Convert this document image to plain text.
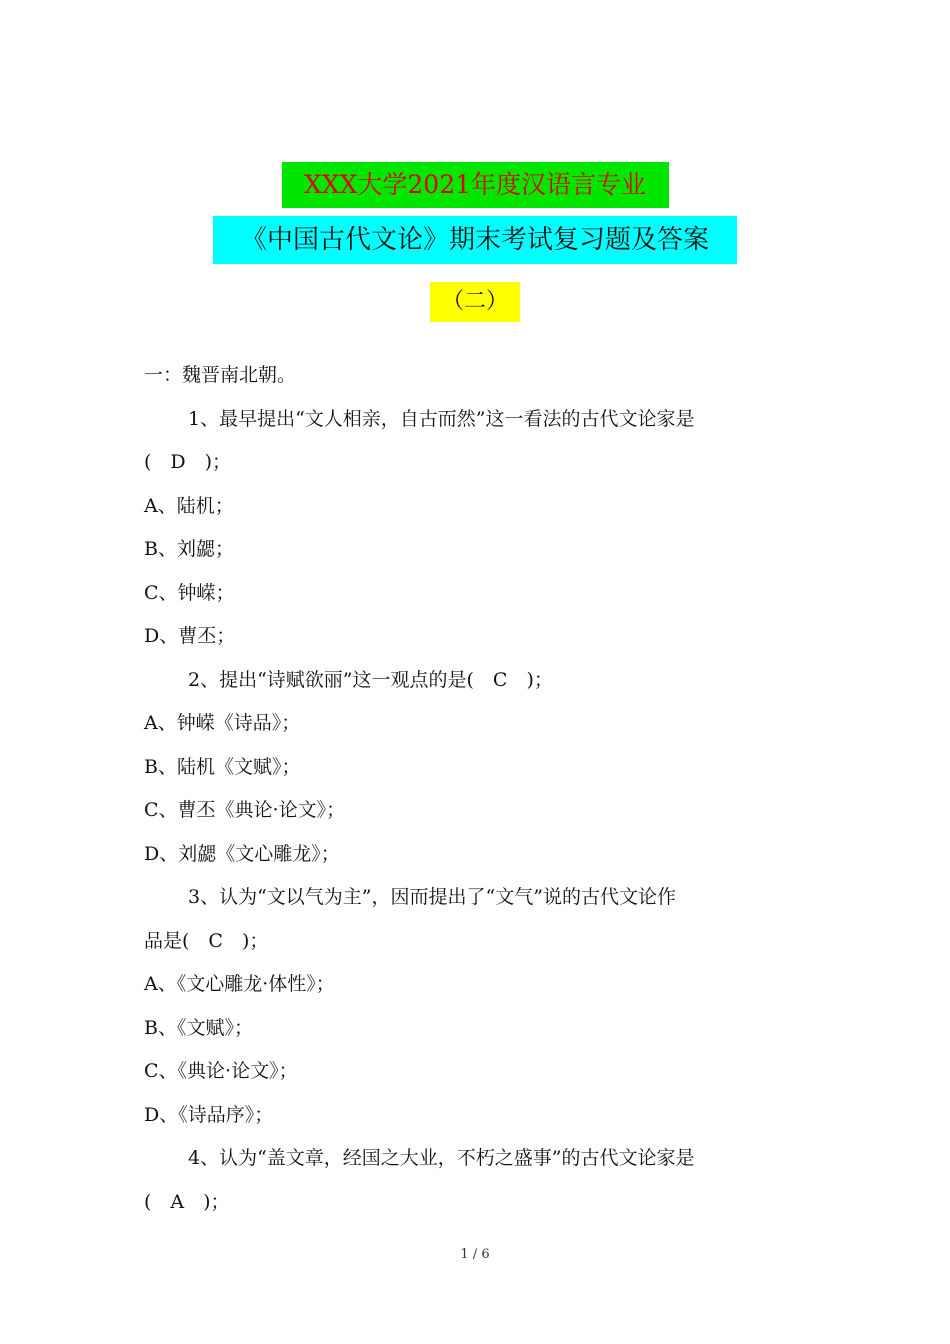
XXX大学2021年度汉语言专业
《中国古代文论》期末考试复习题及答案
（二）
一：魏晋南北朝。
1、最早提出“文人相亲，自古而然”这一看法的古代文论家是
(　D　)；
A、陆机；
B、刘勰；
C、钟嵘；
D、曹丕；
2、提出“诗赋欲丽”这一观点的是(　C　)；
A、钟嵘《诗品》；
B、陆机《文赋》；
C、曹丕《典论·论文》；
D、刘勰《文心雕龙》；
3、认为“文以气为主”，因而提出了“文气”说的古代文论作
品是(　C　)；
A、《文心雕龙·体性》；
B、《文赋》；
C、《典论·论文》；
D、《诗品序》；
4、认为“盖文章，经国之大业，不朽之盛事”的古代文论家是
(　A　)；
1 / 6
